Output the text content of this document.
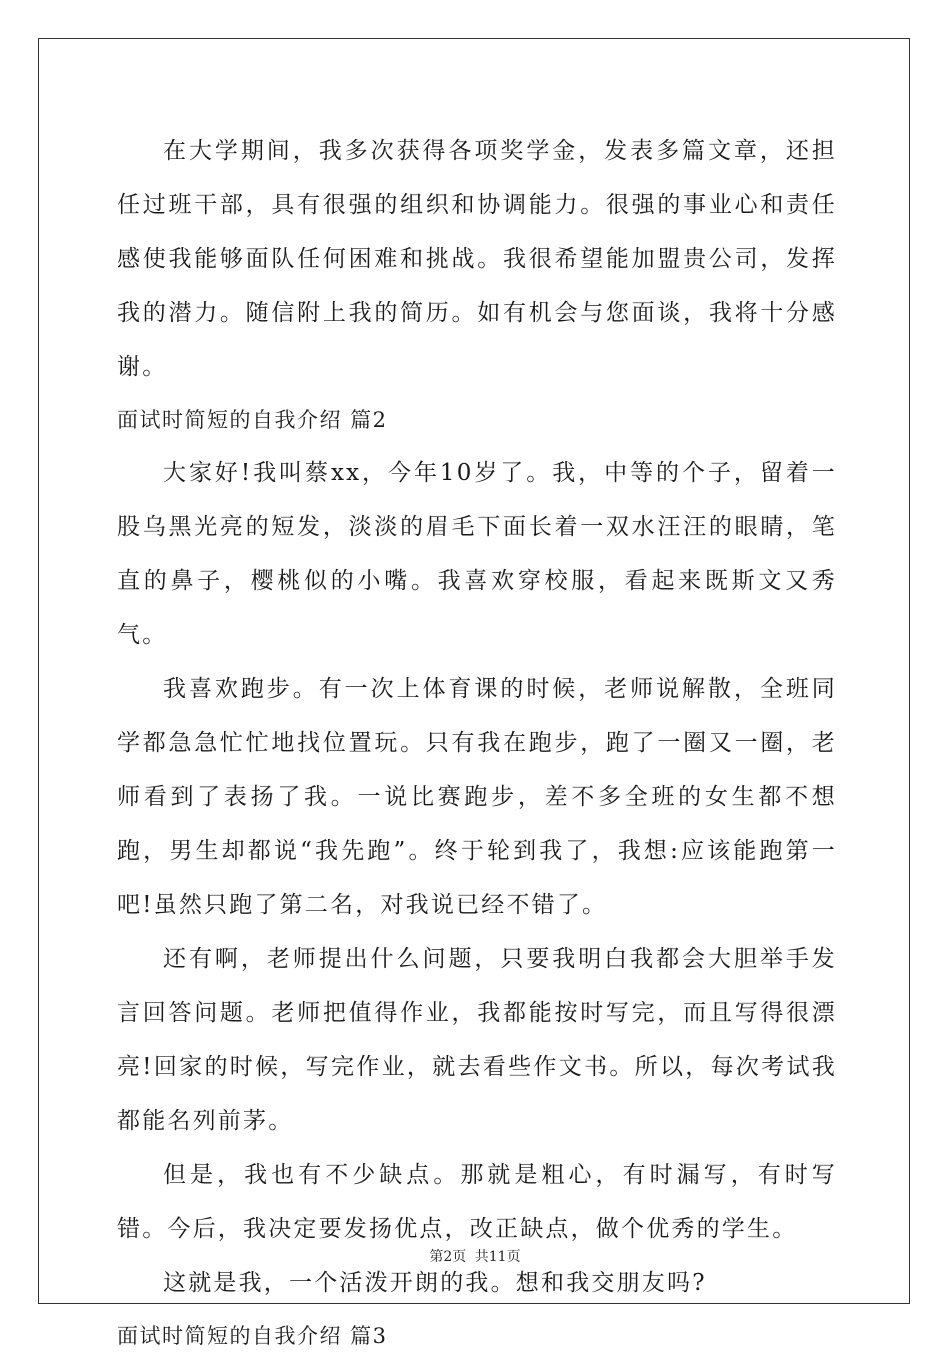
在大学期间，我多次获得各项奖学金，发表多篇文章，还担任过班干部，具有很强的组织和协调能力。很强的事业心和责任感使我能够面队任何困难和挑战。我很希望能加盟贵公司，发挥我的潜力。随信附上我的简历。如有机会与您面谈，我将十分感谢。

面试时简短的自我介绍 篇2

大家好!我叫蔡xx，今年10岁了。我，中等的个子，留着一股乌黑光亮的短发，淡淡的眉毛下面长着一双水汪汪的眼睛，笔直的鼻子，樱桃似的小嘴。我喜欢穿校服，看起来既斯文又秀气。

我喜欢跑步。有一次上体育课的时候，老师说解散，全班同学都急急忙忙地找位置玩。只有我在跑步，跑了一圈又一圈，老师看到了表扬了我。一说比赛跑步，差不多全班的女生都不想跑，男生却都说“我先跑”。终于轮到我了，我想:应该能跑第一吧!虽然只跑了第二名，对我说已经不错了。

还有啊，老师提出什么问题，只要我明白我都会大胆举手发言回答问题。老师把值得作业，我都能按时写完，而且写得很漂亮!回家的时候，写完作业，就去看些作文书。所以，每次考试我都能名列前茅。

但是，我也有不少缺点。那就是粗心，有时漏写，有时写错。今后，我决定要发扬优点，改正缺点，做个优秀的学生。

这就是我，一个活泼开朗的我。想和我交朋友吗?

面试时简短的自我介绍 篇3

第2页 共11页
